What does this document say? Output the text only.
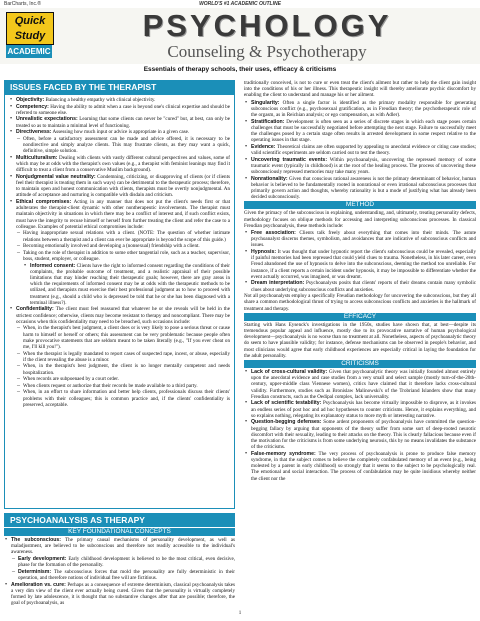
BarCharts, Inc.®	WORLD'S #1 ACADEMIC OUTLINE
Quick
Study
ACADEMIC
PSYCHOLOGY
Counseling & Psychotherapy
Essentials of therapy schools, their uses, efficacy & criticisms
ISSUES FACED BY THE THERAPIST
• Objectivity: Balancing a healthy empathy with clinical objectivity.
• Competency: Having the ability to admit when a case is beyond one's clinical expertise and should be referred to someone else.
• Unrealistic expectations: Learning that some clients can never be "cured" but, at best, can only be treated so as to maintain a minimal level of functioning.
• Directiveness: Assessing how much input or advice is appropriate in a given case.
– Often, before a satisfactory assessment can be made and advice offered, it is necessary to be nondirective and simply analyze clients. This may frustrate clients, as they may want a quick, definitive, simple solution.
• Multiculturalism: Dealing with clients with vastly different cultural perspectives and values, some of which may be at odds with the therapist's own values (e.g., a therapist with feminist leanings may find it difficult to treat a client from a conservative Muslim background).
• Nonjudgmental value neutrality: Condemning, criticizing, or disapproving of clients (or if clients feel their therapist is treating them in such ways) can be detrimental to the therapeutic process; therefore, to maintain open and honest communication with clients, therapists must be overtly nonjudgmental. An attitude of acceptance and nurturing is compatible with disdain and criticism.
• Ethical compromises: Acting in any manner that does not put the client's needs first or that adulterates the therapist-client dynamic with other nontherapeutic involvements. The therapist must maintain objectivity in situations in which there may be a conflict of interest and, if such conflict exists, must have the integrity to recuse himself or herself from further treating the client and refer the case to a colleague. Examples of potential ethical compromises include:
– Having inappropriate sexual relations with a client. (NOTE: The question of whether intimate relations between a therapist and a client can ever be appropriate is beyond the scope of this guide.)
– Becoming emotionally involved and developing a (nonsexual) friendship with a client.
– Taking on the role of therapist in addition to some other tangential role, such as a teacher, supervisor, boss, student, employer, or colleague.
• Informed consent: Clients have the right to informed consent regarding the conditions of their complaints, the probable outcome of treatment, and a realistic appraisal of their possible limitations that may hinder reaching their therapeutic goals; however, there are gray areas in which the requirements of informed consent may be at odds with the therapeutic methods to be utilized, and therapists must exercise their best professional judgment as to how to proceed with treatment (e.g., should a child who is depressed be told that he or she has been diagnosed with a terminal illness?).
• Confidentiality: The client must feel reassured that whatever he or she reveals will be held in the strictest confidence; otherwise, clients may become resistant to therapy and noncompliant. There may be occasions when this confidentiality may need to be breached, such occasions include:
– When, in the therapist's best judgment, a client does or is very likely to pose a serious threat or cause harm to himself or herself or others; this assessment can be very problematic because people often make provocative statements that are seldom meant to be taken literally (e.g., "If you ever cheat on me, I'll kill you!").
– When the therapist is legally mandated to report cases of suspected rape, incest, or abuse, especially if the client revealing the abuse is a minor.
– When, in the therapist's best judgment, the client is no longer mentally competent and needs hospitalization.
– When records are subpoenaed by a court order.
– When clients request or authorize that their records be made available to a third party.
– When, in an effort to share information and better help clients, professionals discuss their clients' problems with their colleagues; this is common practice and, if the clients' confidentiality is preserved, acceptable.
PSYCHOANALYSIS AS THERAPY
KEY FOUNDATIONAL CONCEPTS
• The subconscious: The primary causal mechanisms of personality development, as well as maladjustment, are believed to be subconscious and therefore not readily accessible to the individual's awareness.
– Early development: Early childhood development is believed to be the most critical, even decisive, phase for the formation of the personality.
– Determinism: The subconscious forces that mold the personality are fully deterministic in their operation, and therefore notions of individual free will are fictitious.
• Amelioration vs. cure: Perhaps as a consequence of extreme determinism, classical psychoanalysis takes a very dim view of the client ever actually being cured. Given that the personality is virtually completely formed by late adolescence, it is thought that no substantive changes after that are possible; therefore, the goal of psychoanalysis, as

traditionally conceived, is not to cure or even treat the client's ailment but rather to help the client gain insight into the conditions of his or her illness. This therapeutic insight will thereby ameliorate psychic discomfort by enabling the client to understand and manage his or her ailment.

• Singularity: Often a single factor is identified as the primary modality responsible for generating subconscious conflict (e.g., psychosexual gratification, as in Freudian theory; the psychotherapeutic role of the orgasm, as in Reichian analysis; or ego compensation, as with Adler).
• Stratification: Development is often seen as a series of discrete stages in which each stage poses certain challenges that must be successfully negotiated before attempting the next stage. Failure to successfully meet the challenges posed by a certain stage often results in arrested development in some respect relative to the operating issues in that stage.
• Evidence: Theoretical claims are often supported by appealing to anecdotal evidence or citing case studies; valid scientific experiments are seldom carried out to test the theory.
• Uncovering traumatic events: Within psychoanalysis, uncovering the repressed memory of some traumatic event (typically in childhood) is at the root of the healing process. The process of uncovering these subconsciously repressed memories may take many years.
• Nonrationality: Given that conscious rational awareness is not the primary determinant of behavior, human behavior is believed to be fundamentally rooted in nonrational or even irrational subconscious processes that primarily govern action and thoughts, whereby rationality is but a mode of justifying what has already been decided subconsciously.
METHOD

Given the primacy of the subconscious in explaining, understanding, and, ultimately, treating personality defects, methodology focuses on oblique methods for accessing and interpreting subconscious processes. In classical Freudian psychoanalysis, these methods include:

• Free association: Clients talk freely about everything that comes into their minds. The astute psychoanalyst discerns themes, symbolism, and avoidances that are indicative of subconscious conflicts and issues.
• Hypnosis: It was thought that under hypnotic report the client's subconscious could be revealed, especially if painful memories had been repressed that could yield clues to trauma. Nonetheless, in his later career, even Freud abandoned the use of hypnosis to delve into the subconscious, deeming the method too unreliable. For instance, if a client reports a certain incident under hypnosis, it may be impossible to differentiate whether the event actually occurred, was imagined, or was dreamt.
• Dream interpretation: Psychoanalysts posits that clients' reports of their dreams contain many symbolic clues about underlying subconscious conflicts and anxieties.

Not all psychoanalysts employ a specifically Freudian methodology for uncovering the subconscious, but they all share a common methodological thrust of trying to access subconscious conflicts and anxieties is the hallmark of treatment and therapy.

EFFICACY

Starting with Hans Eysenck's investigations in the 1950s, studies have shown that, at best—despite its tremendous popular appeal and influence, mostly due to its provocative narrative of human psychological development—psychoanalysis is no worse than no treatment at all. Nonetheless, aspects of psychoanalytic theory do seem to have plausible validity; for instance, defense mechanisms can be observed in people's behavior, and most clinicians would agree that early childhood experiences are especially critical in laying the foundation for the adult personality.

CRITICISMS
• Lack of cross-cultural validity: Given that psychoanalytic theory was initially founded almost entirely upon the anecdotal evidence and case studies from a very small and select sample (mostly turn-of-the-20th-century, upper-middle class Viennese women), critics have claimed that it therefore lacks cross-cultural validity. Furthermore, studies such as Bronislaw Malinowski's of the Trobriand Islanders show that many Freudian constructs, such as the Oedipal complex, lack universality.
• Lack of scientific testability: Psychoanalysis has become virtually impossible to disprove, as it invokes an endless series of post hoc and ad hoc hypotheses to counter criticisms. Hence, it explains everything, and so explains nothing, relegating its explanatory status to more myth or interesting narrative.
• Question-begging defenses: Some ardent proponents of psychoanalysis have committed the question-begging fallacy by arguing that opponents of the theory suffer from some sort of deep-rooted neurotic discomfort with their sexuality, leading to their attacks on the theory. This is clearly fallacious because even if the motivation for the criticisms is from some underlying neurosis, this by no means invalidates the substance of the criticisms.
• False-memory syndrome: The very process of psychoanalysis is prone to produce false memory syndrome, in that the subject comes to believe the completely confabulated memory of an event (e.g., being molested by a parent in early childhood) so strongly that it seems to the subject to be psychologically real. The emotional and social interaction. The process of confabulation may be quite insidious whereby neither the client nor the
1
